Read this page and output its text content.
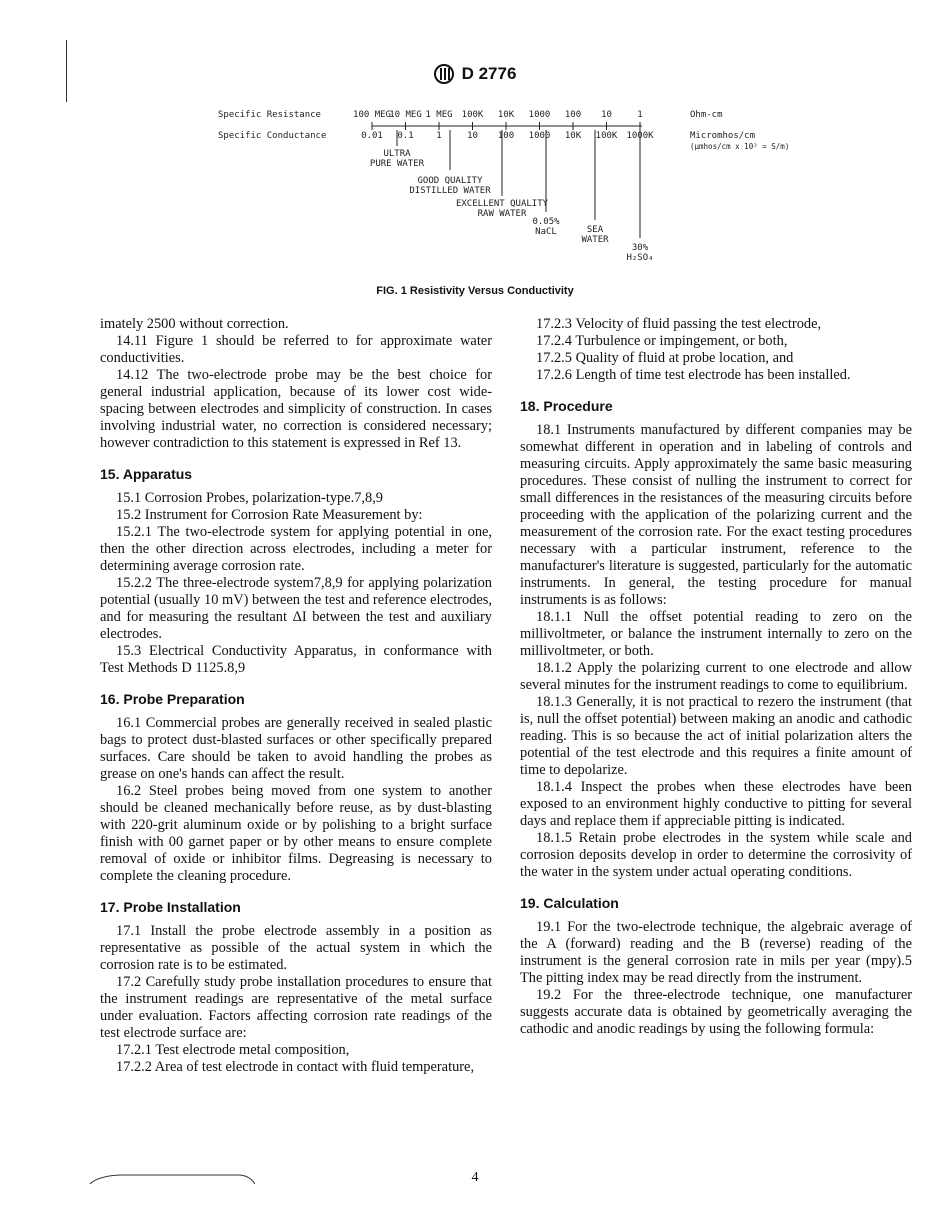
D 2776
Specific Resistance
Specific Conductance
100 MEG
10 MEG 1 MEG 100K 10K 1000 100 10	1
0.01 0.1	1	10 100 1000 10K 100K 1000K
Ohm-cm
Micromhos/cm
(µmhos/cm x 10² = S/m)
ULTRA
PURE WATER
GOOD QUALITY
DISTILLED WATER
EXCELLENT QUALITY
RAW WATER
0.05%
NaCL	SEA
WATER
30%
H₂SO₄
FIG. 1 Resistivity Versus Conductivity

imately 2500 without correction.

14.11 Figure 1 should be referred to for approximate water conductivities.

14.12 The two-electrode probe may be the best choice for general industrial application, because of its lower cost wide-spacing between electrodes and simplicity of construction. In cases involving industrial water, no correction is considered necessary; however contradiction to this statement is expressed in Ref 13.

15. Apparatus

15.1 Corrosion Probes, polarization-type.7,8,9

15.2 Instrument for Corrosion Rate Measurement by:

15.2.1 The two-electrode system for applying potential in one, then the other direction across electrodes, including a meter for determining average corrosion rate.

15.2.2 The three-electrode system7,8,9 for applying polarization potential (usually 10 mV) between the test and reference electrodes, and for measuring the resultant ΔI between the test and auxiliary electrodes.

15.3 Electrical Conductivity Apparatus, in conformance with Test Methods D 1125.8,9

16. Probe Preparation

16.1 Commercial probes are generally received in sealed plastic bags to protect dust-blasted surfaces or other specifically prepared surfaces. Care should be taken to avoid handling the probes as grease on one's hands can affect the result.

16.2 Steel probes being moved from one system to another should be cleaned mechanically before reuse, as by dust-blasting with 220-grit aluminum oxide or by polishing to a bright surface finish with 00 garnet paper or by other means to ensure complete removal of oxide or inhibitor films. Degreasing is necessary to complete the cleaning procedure.

17. Probe Installation

17.1 Install the probe electrode assembly in a position as representative as possible of the actual system in which the corrosion rate is to be estimated.

17.2 Carefully study probe installation procedures to ensure that the instrument readings are representative of the metal surface under evaluation. Factors affecting corrosion rate readings of the test electrode surface are:

17.2.1 Test electrode metal composition,

17.2.2 Area of test electrode in contact with fluid temperature,

17.2.3 Velocity of fluid passing the test electrode,

17.2.4 Turbulence or impingement, or both,

17.2.5 Quality of fluid at probe location, and

17.2.6 Length of time test electrode has been installed.

18. Procedure

18.1 Instruments manufactured by different companies may be somewhat different in operation and in labeling of controls and measuring circuits. Apply approximately the same basic measuring procedures. These consist of nulling the instrument to correct for small differences in the resistances of the measuring circuits before proceeding with the application of the polarizing current and the measurement of the corrosion rate. For the exact testing procedures necessary with a particular instrument, reference to the manufacturer's literature is suggested, particularly for the automatic instruments. In general, the testing procedure for manual instruments is as follows:

18.1.1 Null the offset potential reading to zero on the millivoltmeter, or balance the instrument internally to zero on the millivoltmeter, or both.

18.1.2 Apply the polarizing current to one electrode and allow several minutes for the instrument readings to come to equilibrium.

18.1.3 Generally, it is not practical to rezero the instrument (that is, null the offset potential) between making an anodic and cathodic reading. This is so because the act of initial polarization alters the potential of the test electrode and this requires a finite amount of time to depolarize.

18.1.4 Inspect the probes when these electrodes have been exposed to an environment highly conductive to pitting for several days and replace them if appreciable pitting is indicated.

18.1.5 Retain probe electrodes in the system while scale and corrosion deposits develop in order to determine the corrosivity of the water in the system under actual operating conditions.

19. Calculation

19.1 For the two-electrode technique, the algebraic average of the A (forward) reading and the B (reverse) reading of the instrument is the general corrosion rate in mils per year (mpy).5 The pitting index may be read directly from the instrument.

19.2 For the three-electrode technique, one manufacturer suggests accurate data is obtained by geometrically averaging the cathodic and anodic readings by using the following formula:

4
